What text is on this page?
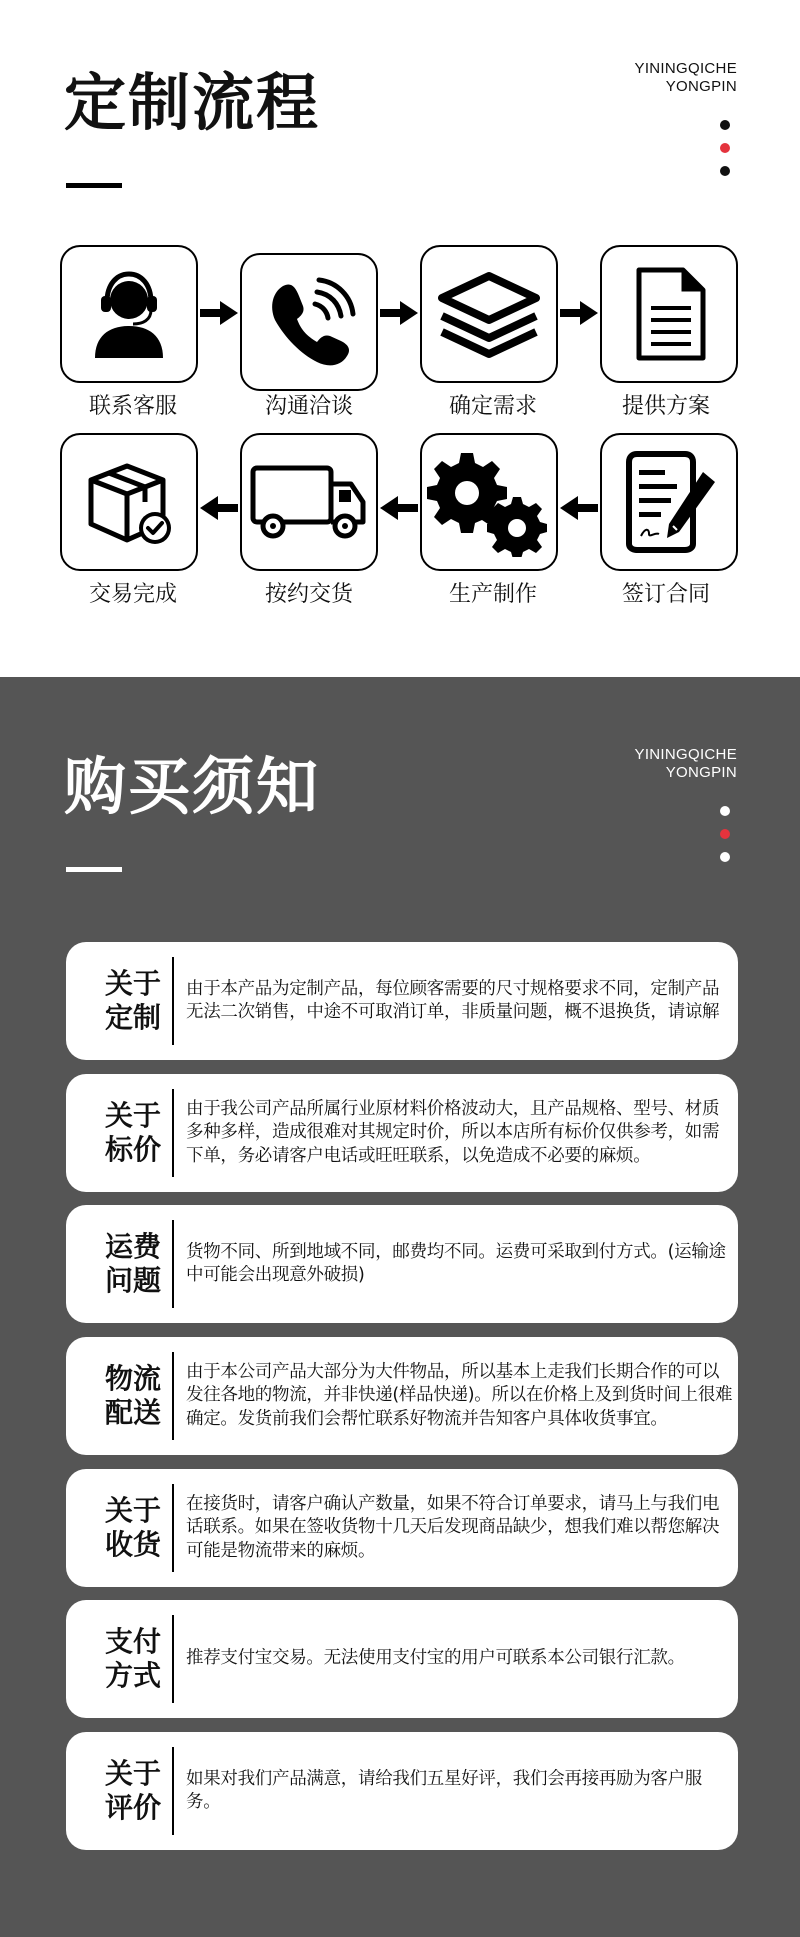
定制流程	YININGQICHE
YONGPIN
联系客服	沟通洽谈	确定需求	提供方案
交易完成	按约交货	生产制作	签订合同
购买须知	YININGQICHE
YONGPIN
关于
定制
由于本产品为定制产品，每位顾客需要的尺寸规格要求不同，定制产品无法二次销售，中途不可取消订单，非质量问题，概不退换货，请谅解
关于
标价
由于我公司产品所属行业原材料价格波动大，且产品规格、型号、材质多种多样，造成很难对其规定时价，所以本店所有标价仅供参考，如需下单，务必请客户电话或旺旺联系，以免造成不必要的麻烦。
运费
问题
货物不同、所到地域不同，邮费均不同。运费可采取到付方式。(运输途中可能会出现意外破损)
物流
配送
由于本公司产品大部分为大件物品，所以基本上走我们长期合作的可以发往各地的物流，并非快递(样品快递)。所以在价格上及到货时间上很难确定。发货前我们会帮忙联系好物流并告知客户具体收货事宜。
关于
收货
在接货时，请客户确认产数量，如果不符合订单要求，请马上与我们电话联系。如果在签收货物十几天后发现商品缺少，想我们难以帮您解决可能是物流带来的麻烦。
支付
方式
推荐支付宝交易。无法使用支付宝的用户可联系本公司银行汇款。
关于
评价
如果对我们产品满意，请给我们五星好评，我们会再接再励为客户服务。
